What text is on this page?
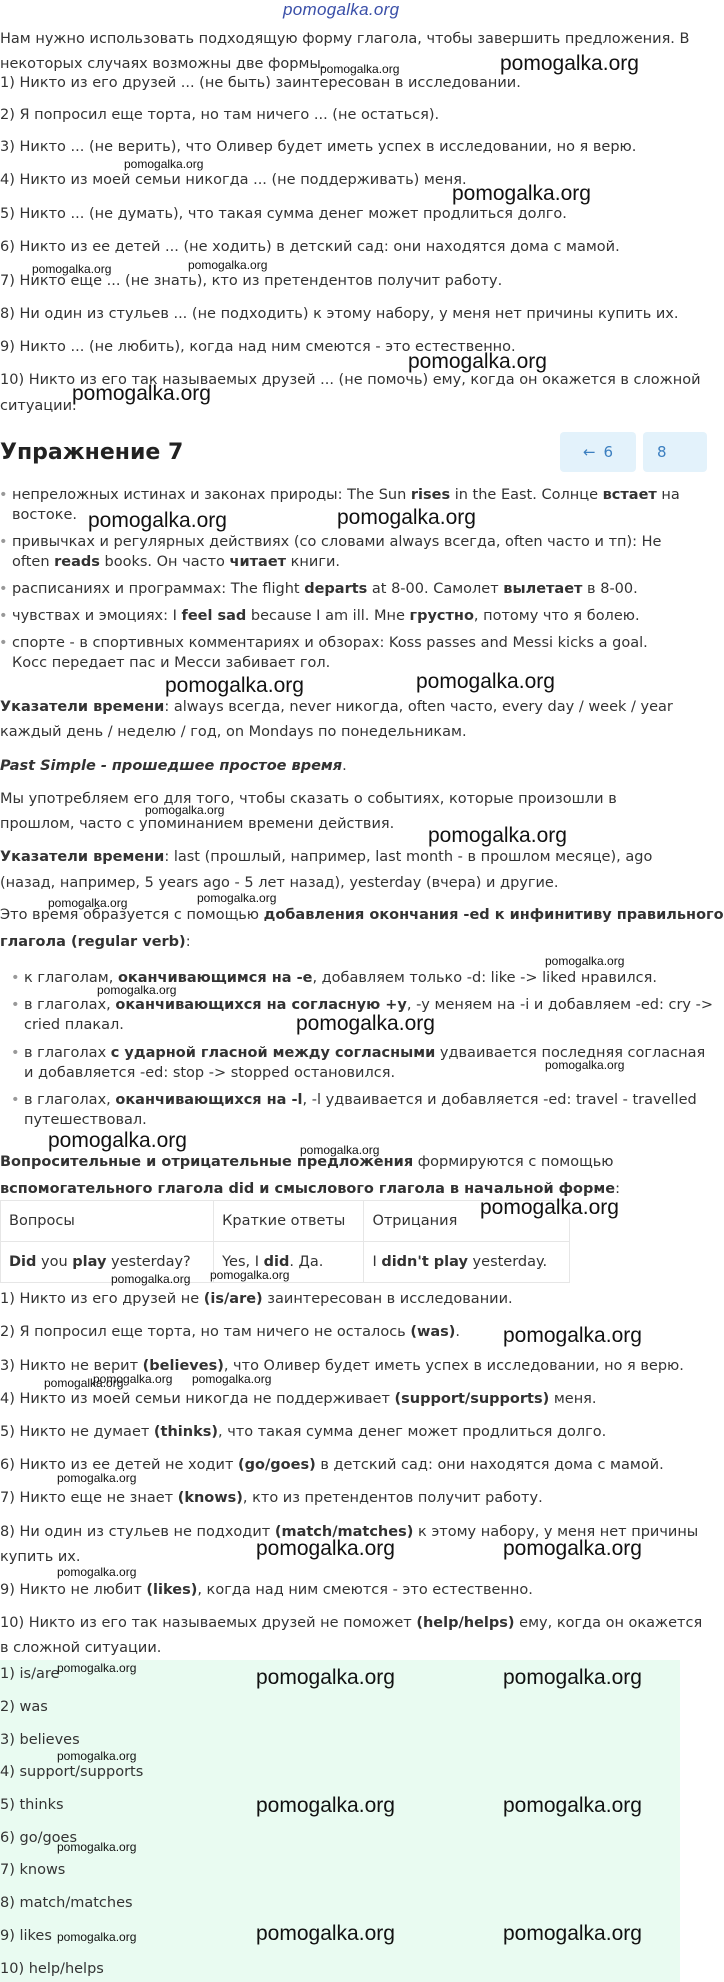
pomogalka.org
Нам нужно использовать подходящую форму глагола, чтобы завершить предложения. В
некоторых случаях возможны две формы.
1) Никто из его друзей ... (не быть) заинтересован в исследовании.
2) Я попросил еще торта, но там ничего ... (не остаться).
3) Никто ... (не верить), что Оливер будет иметь успех в исследовании, но я верю.
4) Никто из моей семьи никогда ... (не поддерживать) меня.
5) Никто ... (не думать), что такая сумма денег может продлиться долго.
6) Никто из ее детей ... (не ходить) в детский сад: они находятся дома с мамой.
7) Никто еще ... (не знать), кто из претендентов получит работу.
8) Ни один из стульев ... (не подходить) к этому набору, у меня нет причины купить их.
9) Никто ... (не любить), когда над ним смеются - это естественно.
10) Никто из его так называемых друзей ... (не помочь) ему, когда он окажется в сложной
ситуации.
Упражнение 7	← 6	8
• непреложных истинах и законах природы: The Sun rises in the East. Солнце встает на
востоке.
• привычках и регулярных действиях (со словами always всегда, often часто и тп): He
often reads books. Он часто читает книги.
• расписаниях и программах: The flight departs at 8-00. Самолет вылетает в 8-00.
• чувствах и эмоциях: I feel sad because I am ill. Мне грустно, потому что я болею.
• спорте - в спортивных комментариях и обзорах: Koss passes and Messi kicks a goal.
Косс передает пас и Месси забивает гол.
Указатели времени: always всегда, never никогда, often часто, every day / week / year
каждый день / неделю / год, on Mondays по понедельникам.
Past Simple - прошедшее простое время.
Мы употребляем его для того, чтобы сказать о событиях, которые произошли в
прошлом, часто с упоминанием времени действия.
Указатели времени: last (прошлый, например, last month - в прошлом месяце), ago
(назад, например, 5 years ago - 5 лет назад), yesterday (вчера) и другие.
Это время образуется с помощью добавления окончания -ed к инфинитиву правильного
глагола (regular verb):
• к глаголам, оканчивающимся на -e, добавляем только -d: like -> liked нравился.
• в глаголах, оканчивающихся на согласную +y, -у меняем на -i и добавляем -ed: cry ->
cried плакал.
• в глаголах с ударной гласной между согласными удваивается последняя согласная
и добавляется -ed: stop -> stopped остановился.
• в глаголах, оканчивающихся на -l, -l удваивается и добавляется -ed: travel - travelled
путешествовал.
Вопросительные и отрицательные предложения формируются с помощью
вспомогательного глагола did и смыслового глагола в начальной форме:
Вопросы	Краткие ответы	Отрицания
Did you play yesterday?	Yes, I did. Да.	I didn't play yesterday.
1) Никто из его друзей не (is/are) заинтересован в исследовании.
2) Я попросил еще торта, но там ничего не осталось (was).
3) Никто не верит (believes), что Оливер будет иметь успех в исследовании, но я верю.
4) Никто из моей семьи никогда не поддерживает (support/supports) меня.
5) Никто не думает (thinks), что такая сумма денег может продлиться долго.
6) Никто из ее детей не ходит (go/goes) в детский сад: они находятся дома с мамой.
7) Никто еще не знает (knows), кто из претендентов получит работу.
8) Ни один из стульев не подходит (match/matches) к этому набору, у меня нет причины
купить их.
9) Никто не любит (likes), когда над ним смеются - это естественно.
10) Никто из его так называемых друзей не поможет (help/helps) ему, когда он окажется
в сложной ситуации.
1) is/are
2) was
3) believes
4) support/supports
5) thinks
6) go/goes
7) knows
8) match/matches
9) likes
10) help/helps
pomogalka.org
pomogalka.org
pomogalka.org
pomogalka.org
pomogalka.org	pomogalka.org
pomogalka.org
pomogalka.org
pomogalka.org	pomogalka.org
pomogalka.org
pomogalka.org
pomogalka.org
pomogalka.org
pomogalka.org	pomogalka.org
pomogalka.org
pomogalka.org
pomogalka.org
pomogalka.org
pomogalka.org	pomogalka.org
pomogalka.org
pomogalka.org pomogalka.org
pomogalka.org
pomogalka.org
pomogalka.org	pomogalka.org
pomogalka.org
pomogalka.org	pomogalka.org
pomogalka.org
pomogalka.org	pomogalka.org	pomogalka.org
pomogalka.org
pomogalka.org	pomogalka.org
pomogalka.org
pomogalka.org	pomogalka.org	pomogalka.org
